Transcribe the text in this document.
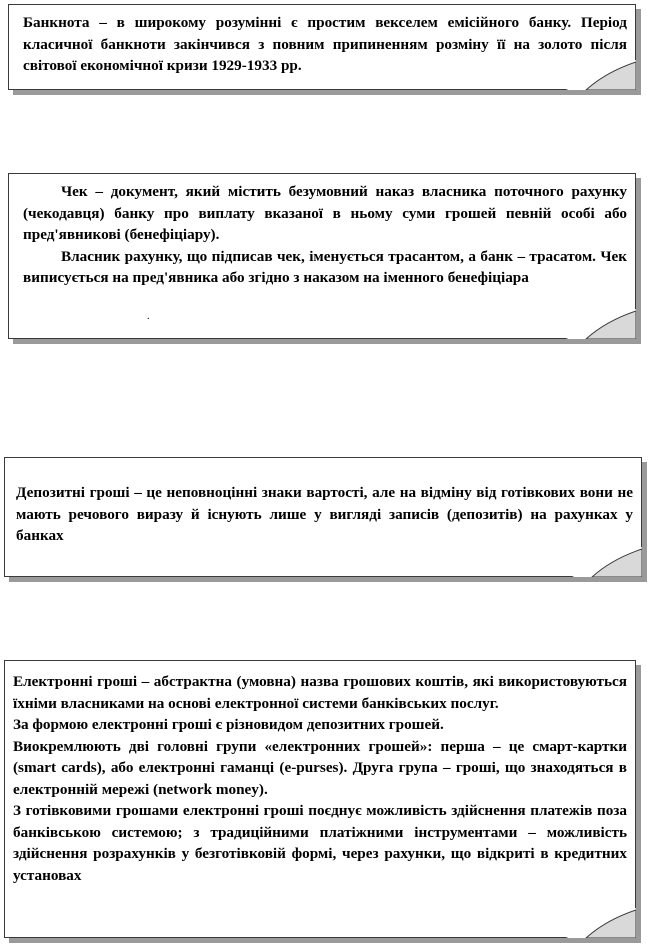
Банкнота – в широкому розумінні є простим векселем емісійного банку. Період класичної банкноти закінчився з повним припиненням розміну її на золото після світової економічної кризи 1929-1933 рр.

Чек – документ, який містить безумовний наказ власника поточного рахунку (чекодавця) банку про виплату вказаної в ньому суми грошей певній особі або пред'явникові (бенефіціару).

Власник рахунку, що підписав чек, іменується трасантом, а банк – трасатом. Чек виписується на пред'явника або згідно з наказом на іменного бенефіціара

.

Депозитні гроші – це неповноцінні знаки вартості, але на відміну від готівкових вони не мають речового виразу й існують лише у вигляді записів (депозитів) на рахунках у банках

Електронні гроші – абстрактна (умовна) назва грошових коштів, які використовуються їхніми власниками на основі електронної системи банківських послуг.

За формою електронні гроші є різновидом депозитних грошей.

Виокремлюють дві головні групи «електронних грошей»: перша – це смарт-картки (smart cards), або електронні гаманці (e-purses). Друга група – гроші, що знаходяться в електронній мережі (network money).

З готівковими грошами електронні гроші поєднує можливість здійснення платежів поза банківською системою; з традиційними платіжними інструментами – можливість здійснення розрахунків у безготівковій формі, через рахунки, що відкриті в кредитних установах
